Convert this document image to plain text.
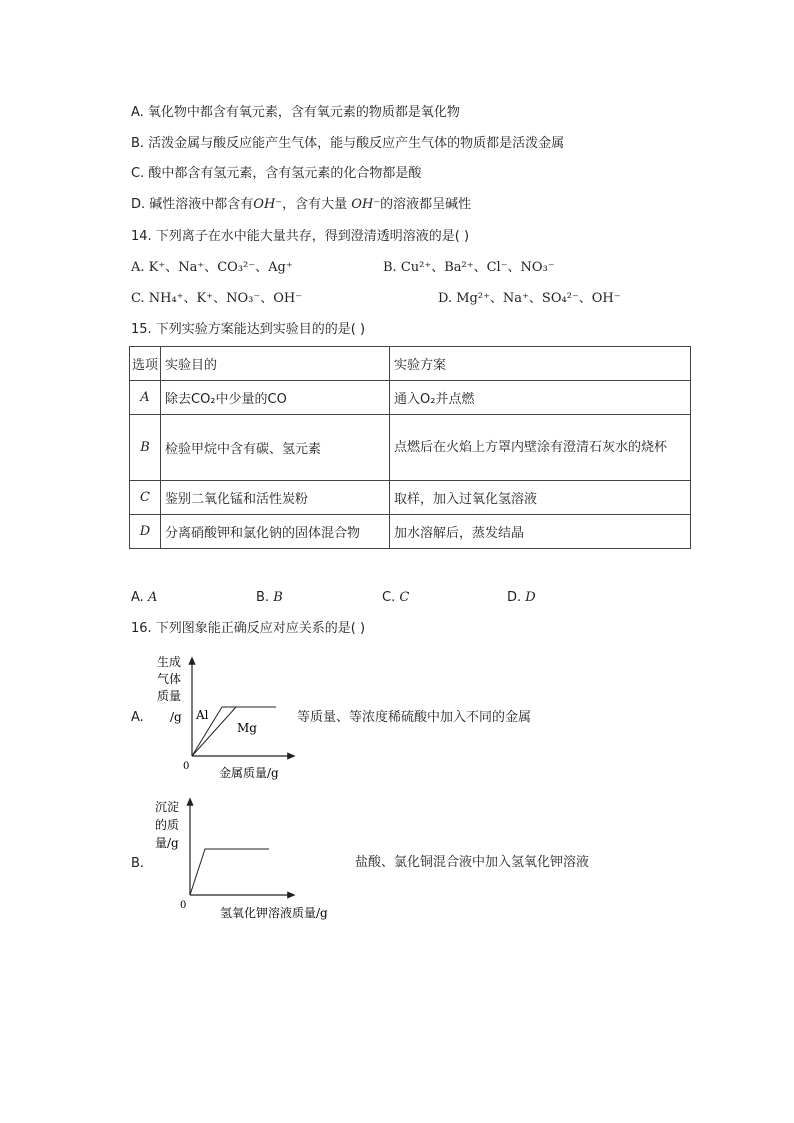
A. 氧化物中都含有氧元素，含有氧元素的物质都是氧化物
B. 活泼金属与酸反应能产生气体，能与酸反应产生气体的物质都是活泼金属
C. 酸中都含有氢元素，含有氢元素的化合物都是酸
D. 碱性溶液中都含有OH⁻，含有大量 OH⁻的溶液都呈碱性
14. 下列离子在水中能大量共存，得到澄清透明溶液的是( )
A. K⁺、Na⁺、CO₃²⁻、Ag⁺	B. Cu²⁺、Ba²⁺、Cl⁻、NO₃⁻
C. NH₄⁺、K⁺、NO₃⁻、OH⁻	D. Mg²⁺、Na⁺、SO₄²⁻、OH⁻
15. 下列实验方案能达到实验目的的是( )
选项	实验目的	实验方案
A	除去CO₂中少量的CO	通入O₂并点燃
B	检验甲烷中含有碳、氢元素	点燃后在火焰上方罩内壁涂有澄清石灰水的烧杯
C	鉴别二氧化锰和活性炭粉	取样，加入过氧化氢溶液
D	分离硝酸钾和氯化钠的固体混合物	加水溶解后，蒸发结晶
A. A	B. B	C. C	D. D
16. 下列图象能正确反应对应关系的是( )
A.
生成
气体
质量
/g Al
Mg
0 金属质量/g
等质量、等浓度稀硫酸中加入不同的金属
B.
沉淀
的质
量/g
0
氢氧化钾溶液质量/g
盐酸、氯化铜混合液中加入氢氧化钾溶液
